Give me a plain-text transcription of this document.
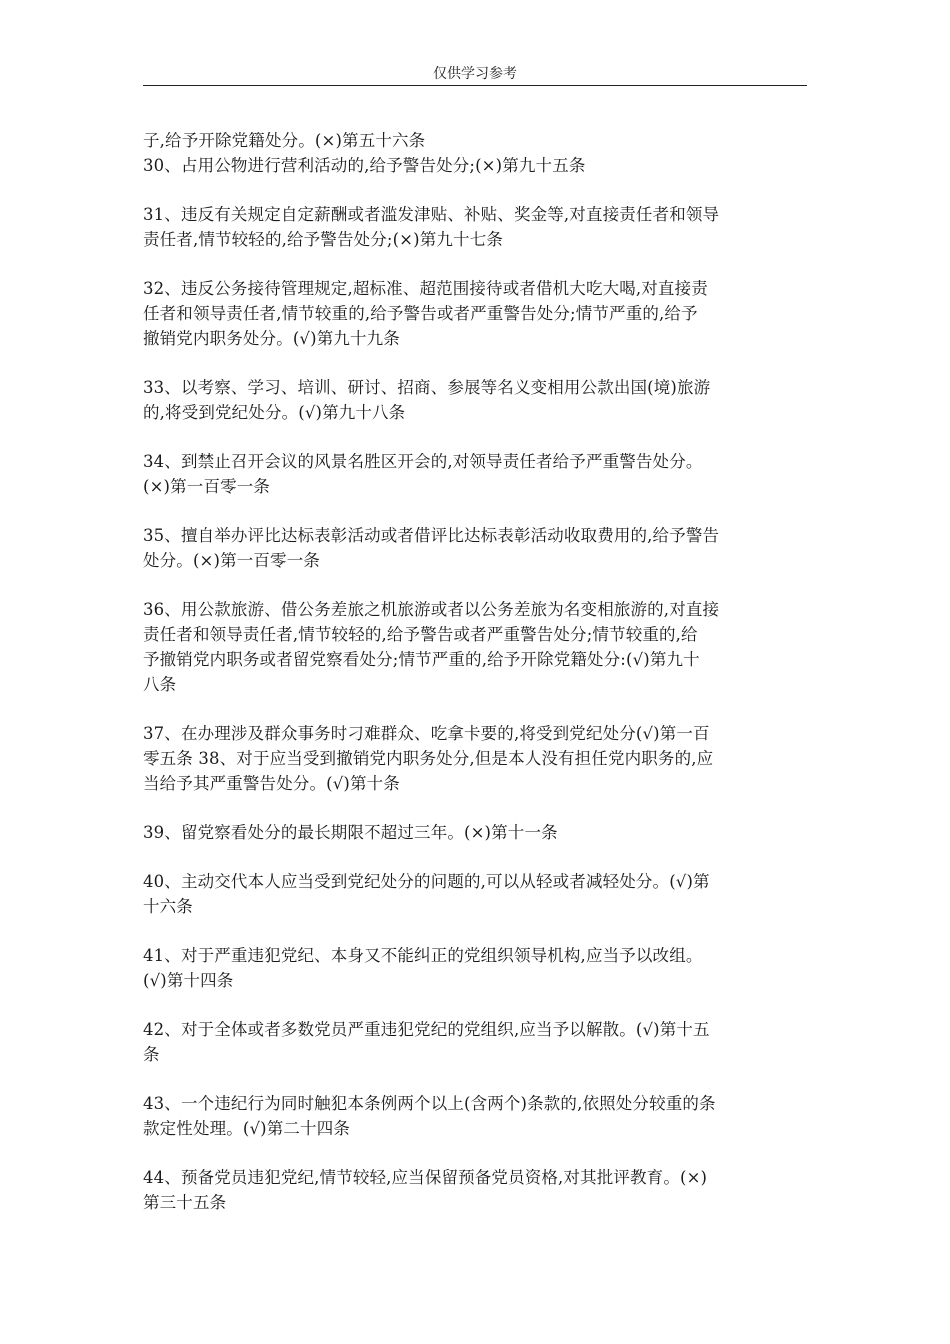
仅供学习参考
子,给予开除党籍处分。(×)第五十六条
30、占用公物进行营利活动的,给予警告处分;(×)第九十五条
31、违反有关规定自定薪酬或者滥发津贴、补贴、奖金等,对直接责任者和领导
责任者,情节较轻的,给予警告处分;(×)第九十七条
32、违反公务接待管理规定,超标准、超范围接待或者借机大吃大喝,对直接责
任者和领导责任者,情节较重的,给予警告或者严重警告处分;情节严重的,给予
撤销党内职务处分。(√)第九十九条
33、以考察、学习、培训、研讨、招商、参展等名义变相用公款出国(境)旅游
的,将受到党纪处分。(√)第九十八条
34、到禁止召开会议的风景名胜区开会的,对领导责任者给予严重警告处分。
(×)第一百零一条
35、擅自举办评比达标表彰活动或者借评比达标表彰活动收取费用的,给予警告
处分。(×)第一百零一条
36、用公款旅游、借公务差旅之机旅游或者以公务差旅为名变相旅游的,对直接
责任者和领导责任者,情节较轻的,给予警告或者严重警告处分;情节较重的,给
予撤销党内职务或者留党察看处分;情节严重的,给予开除党籍处分:(√)第九十
八条
37、在办理涉及群众事务时刁难群众、吃拿卡要的,将受到党纪处分(√)第一百
零五条 38、对于应当受到撤销党内职务处分,但是本人没有担任党内职务的,应
当给予其严重警告处分。(√)第十条
39、留党察看处分的最长期限不超过三年。(×)第十一条
40、主动交代本人应当受到党纪处分的问题的,可以从轻或者减轻处分。(√)第
十六条
41、对于严重违犯党纪、本身又不能纠正的党组织领导机构,应当予以改组。
(√)第十四条
42、对于全体或者多数党员严重违犯党纪的党组织,应当予以解散。(√)第十五
条
43、一个违纪行为同时触犯本条例两个以上(含两个)条款的,依照处分较重的条
款定性处理。(√)第二十四条
44、预备党员违犯党纪,情节较轻,应当保留预备党员资格,对其批评教育。(×)
第三十五条
